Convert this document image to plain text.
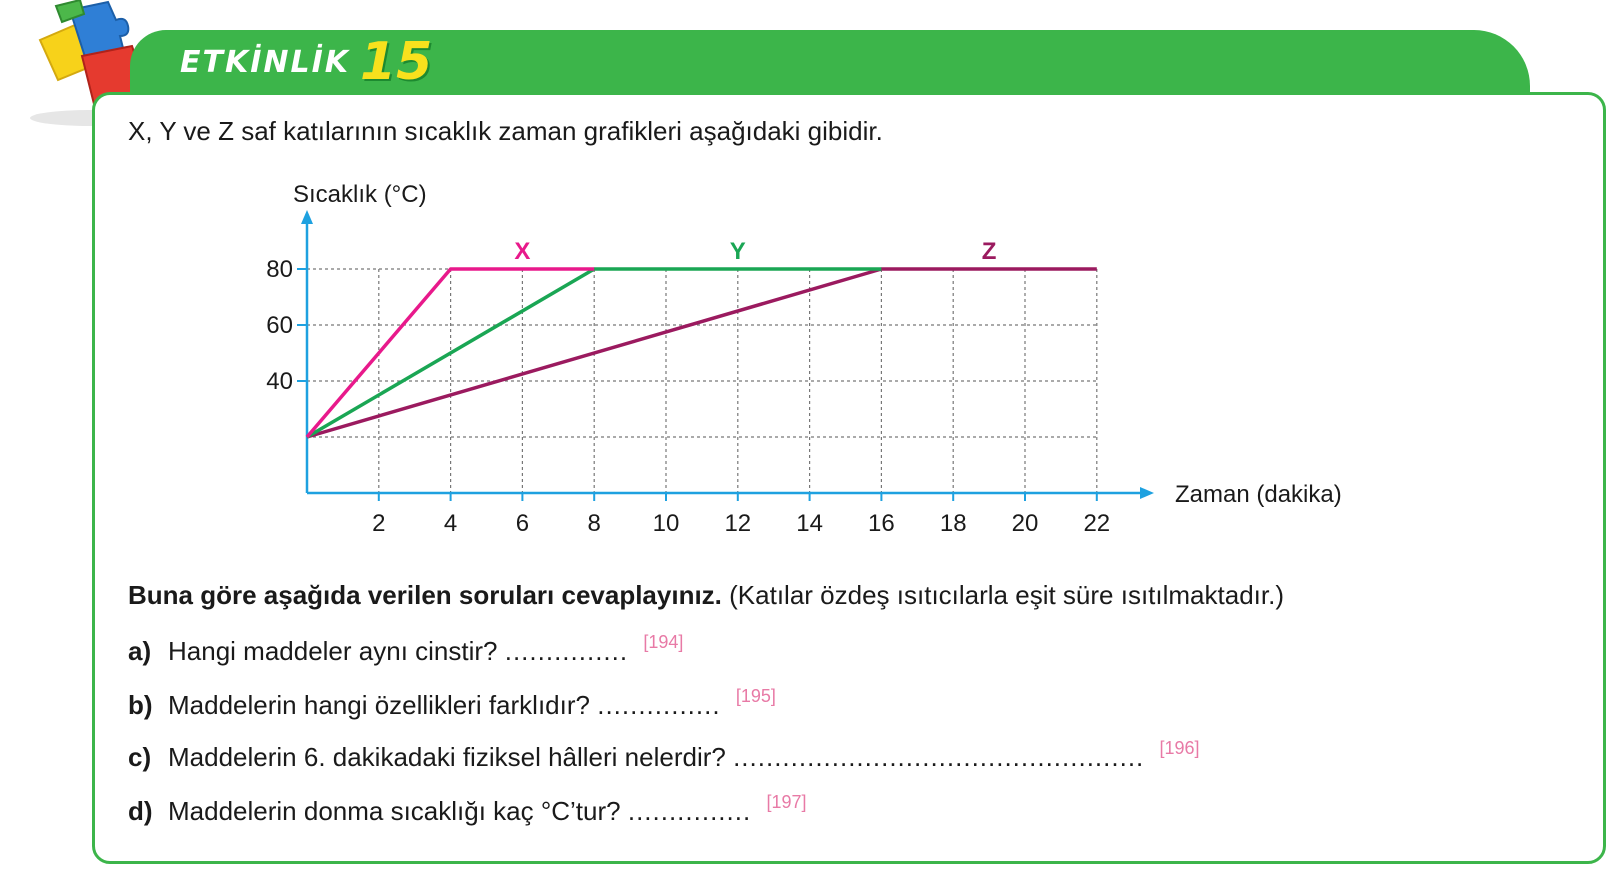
ETKİNLİK 15
X, Y ve Z saf katılarının sıcaklık zaman grafikleri aşağıdaki gibidir.
40
60
80
2 4 6 8 10 12 14 16 18 20 22
Sıcaklık (°C)
Zaman (dakika)
X	Y	Z
Buna göre aşağıda verilen soruları cevaplayınız. (Katılar özdeş ısıtıcılarla eşit süre ısıtılmaktadır.)
a) Hangi maddeler aynı cinstir? ............... [194]
b) Maddelerin hangi özellikleri farklıdır? ............... [195]
c) Maddelerin 6. dakikadaki fiziksel hâlleri nelerdir? .................................................. [196]
d) Maddelerin donma sıcaklığı kaç °C’tur? ............... [197]
